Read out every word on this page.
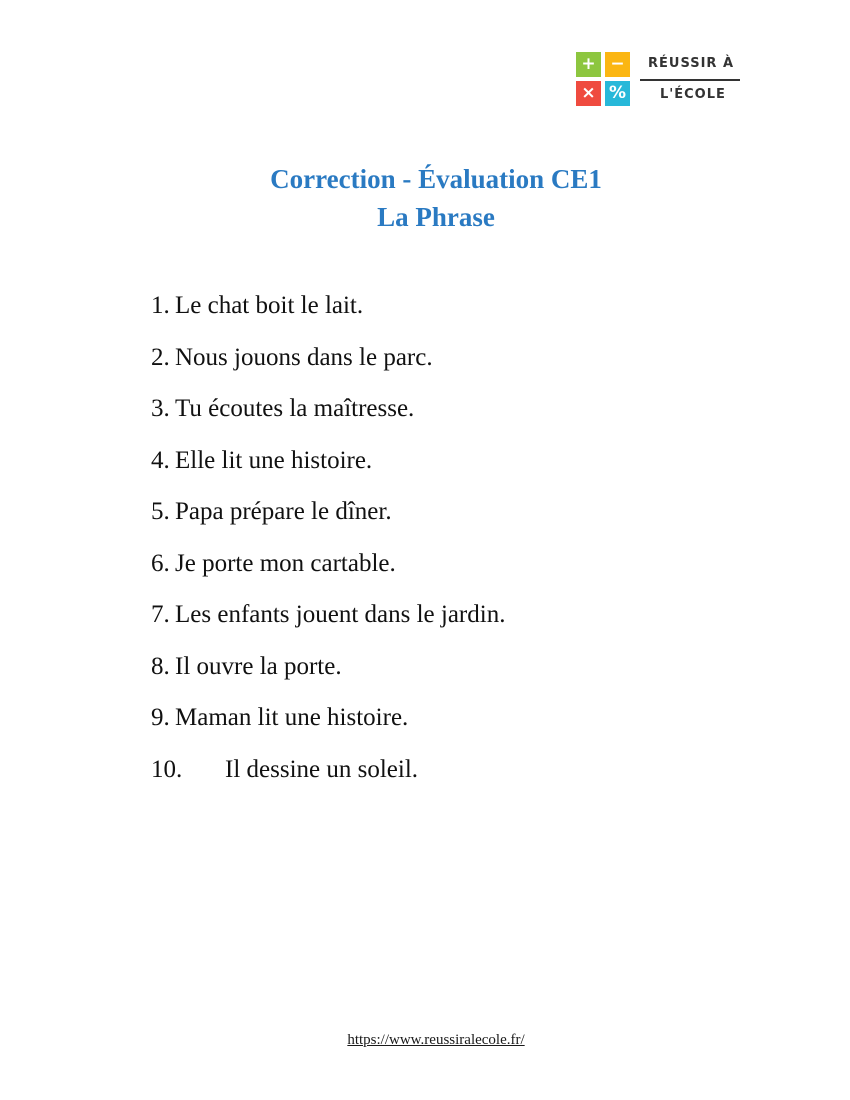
+ −
× %
RÉUSSIR À
L'ÉCOLE
Correction - Évaluation CE1
La Phrase
1. Le chat boit le lait.
2. Nous jouons dans le parc.
3. Tu écoutes la maîtresse.
4. Elle lit une histoire.
5. Papa prépare le dîner.
6. Je porte mon cartable.
7. Les enfants jouent dans le jardin.
8. Il ouvre la porte.
9. Maman lit une histoire.
10.	Il dessine un soleil.
https://www.reussiralecole.fr/
